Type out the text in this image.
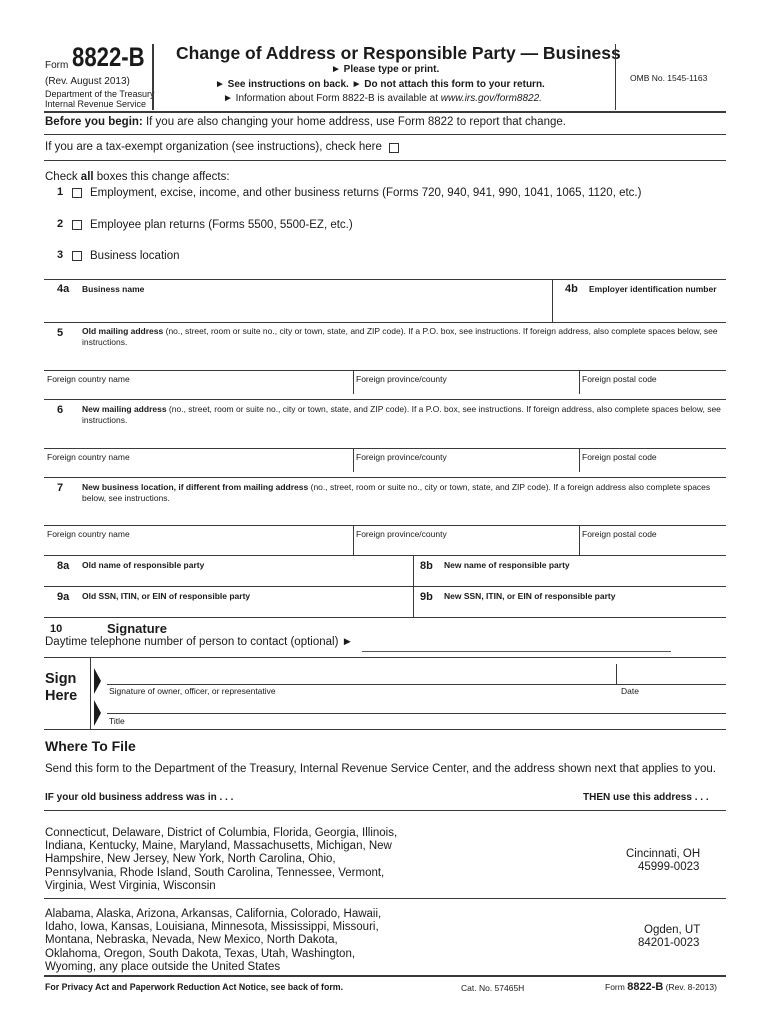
Form 8822-B
(Rev. August 2013)
Department of the Treasury
Internal Revenue Service
Change of Address or Responsible Party — Business
► Please type or print.
► See instructions on back. ► Do not attach this form to your return.
► Information about Form 8822-B is available at www.irs.gov/form8822.
OMB No. 1545-1163
Before you begin: If you are also changing your home address, use Form 8822 to report that change.
If you are a tax-exempt organization (see instructions), check here
Check all boxes this change affects:
1 Employment, excise, income, and other business returns (Forms 720, 940, 941, 990, 1041, 1065, 1120, etc.)
2 Employee plan returns (Forms 5500, 5500-EZ, etc.)
3 Business location
4a Business name	4b Employer identification number
5 Old mailing address (no., street, room or suite no., city or town, state, and ZIP code). If a P.O. box, see instructions. If foreign address, also complete spaces below, see instructions.
Foreign country name	Foreign province/county	Foreign postal code
6 New mailing address (no., street, room or suite no., city or town, state, and ZIP code). If a P.O. box, see instructions. If foreign address, also complete spaces below, see instructions.
Foreign country name	Foreign province/county	Foreign postal code
7 New business location, if different from mailing address (no., street, room or suite no., city or town, state, and ZIP code). If a foreign address also complete spaces below, see instructions.
Foreign country name	Foreign province/county	Foreign postal code
8a Old name of responsible party	8b New name of responsible party
9a Old SSN, ITIN, or EIN of responsible party	9b New SSN, ITIN, or EIN of responsible party
10	Signature
Daytime telephone number of person to contact (optional) ►
Sign
Here	Signature of owner, officer, or representative	Date
Title
Where To File
Send this form to the Department of the Treasury, Internal Revenue Service Center, and the address shown next that applies to you.
IF your old business address was in . . .	THEN use this address . . .
Connecticut, Delaware, District of Columbia, Florida, Georgia, Illinois, Indiana, Kentucky, Maine, Maryland, Massachusetts, Michigan, New Hampshire, New Jersey, New York, North Carolina, Ohio, Pennsylvania, Rhode Island, South Carolina, Tennessee, Vermont, Virginia, West Virginia, Wisconsin
Cincinnati, OH
45999-0023
Alabama, Alaska, Arizona, Arkansas, California, Colorado, Hawaii, Idaho, Iowa, Kansas, Louisiana, Minnesota, Mississippi, Missouri, Montana, Nebraska, Nevada, New Mexico, North Dakota, Oklahoma, Oregon, South Dakota, Texas, Utah, Washington, Wyoming, any place outside the United States
Ogden, UT
84201-0023
For Privacy Act and Paperwork Reduction Act Notice, see back of form.	Cat. No. 57465H	Form 8822-B (Rev. 8-2013)
